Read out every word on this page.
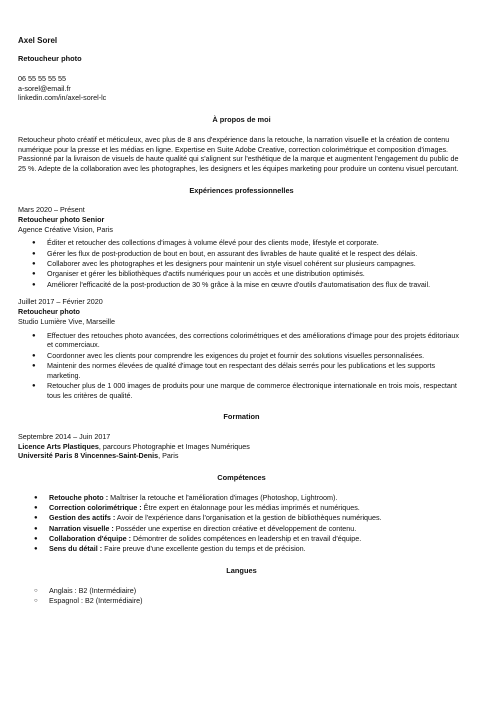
Axel Sorel
Retoucheur photo
06 55 55 55 55
a-sorel@email.fr
linkedin.com/in/axel-sorel-lc
À propos de moi

Retoucheur photo créatif et méticuleux, avec plus de 8 ans d'expérience dans la retouche, la narration visuelle et la création de contenu numérique pour la presse et les médias en ligne. Expertise en Suite Adobe Creative, correction colorimétrique et composition d'images. Passionné par la livraison de visuels de haute qualité qui s'alignent sur l'esthétique de la marque et augmentent l'engagement du public de 25 %. Adepte de la collaboration avec les photographes, les designers et les équipes marketing pour produire un contenu visuel percutant.

Expériences professionnelles
Mars 2020 – Présent
Retoucheur photo Senior
Agence Créative Vision, Paris
● Éditer et retoucher des collections d'images à volume élevé pour des clients mode, lifestyle et corporate.
● Gérer les flux de post-production de bout en bout, en assurant des livrables de haute qualité et le respect des délais.
● Collaborer avec les photographes et les designers pour maintenir un style visuel cohérent sur plusieurs campagnes.
● Organiser et gérer les bibliothèques d'actifs numériques pour un accès et une distribution optimisés.
● Améliorer l'efficacité de la post-production de 30 % grâce à la mise en œuvre d'outils d'automatisation des flux de travail.
Juillet 2017 – Février 2020
Retoucheur photo
Studio Lumière Vive, Marseille
● Effectuer des retouches photo avancées, des corrections colorimétriques et des améliorations d'image pour des projets éditoriaux et commerciaux.
● Coordonner avec les clients pour comprendre les exigences du projet et fournir des solutions visuelles personnalisées.
● Maintenir des normes élevées de qualité d'image tout en respectant des délais serrés pour les publications et les supports marketing.
● Retoucher plus de 1 000 images de produits pour une marque de commerce électronique internationale en trois mois, respectant tous les critères de qualité.
Formation
Septembre 2014 – Juin 2017
Licence Arts Plastiques, parcours Photographie et Images Numériques
Université Paris 8 Vincennes-Saint-Denis, Paris
Compétences
● Retouche photo : Maîtriser la retouche et l'amélioration d'images (Photoshop, Lightroom).
● Correction colorimétrique : Être expert en étalonnage pour les médias imprimés et numériques.
● Gestion des actifs : Avoir de l'expérience dans l'organisation et la gestion de bibliothèques numériques.
● Narration visuelle : Posséder une expertise en direction créative et développement de contenu.
● Collaboration d'équipe : Démontrer de solides compétences en leadership et en travail d'équipe.
● Sens du détail : Faire preuve d'une excellente gestion du temps et de précision.
Langues
○ Anglais : B2 (Intermédiaire)
○ Espagnol : B2 (Intermédiaire)
